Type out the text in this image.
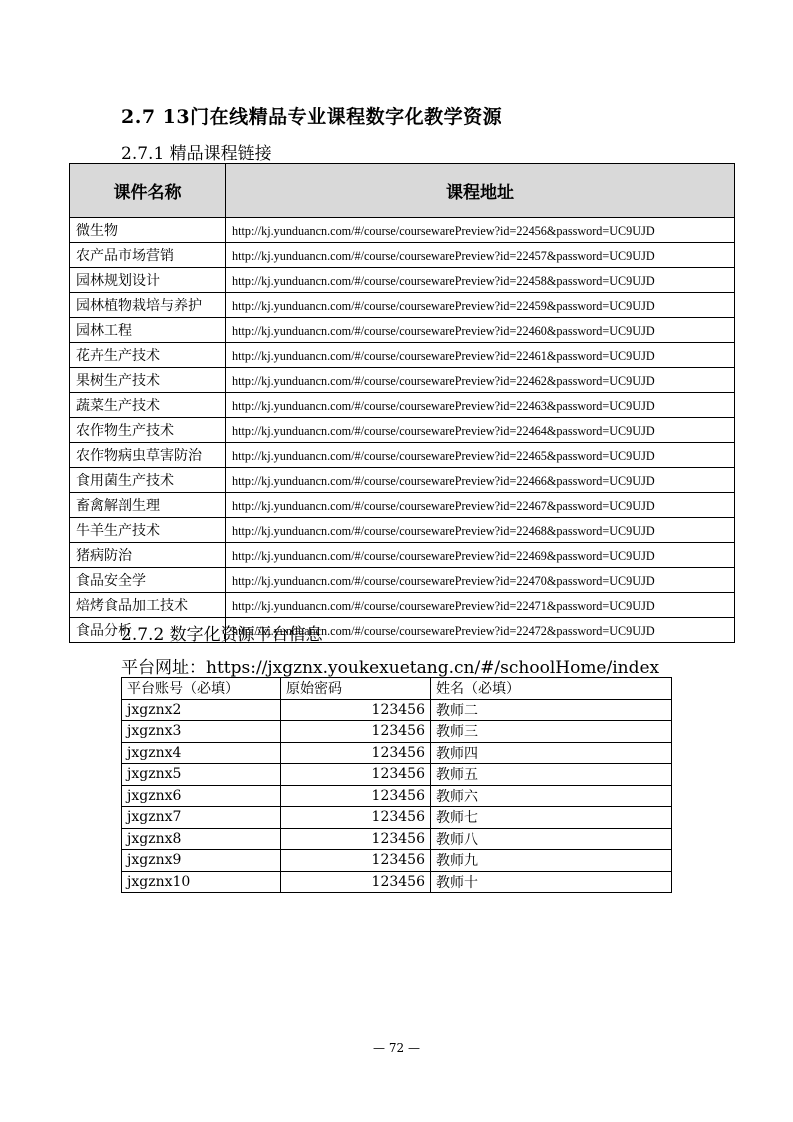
2.7 13门在线精品专业课程数字化教学资源
2.7.1 精品课程链接
课件名称	课程地址
微生物	http://kj.yunduancn.com/#/course/coursewarePreview?id=22456&password=UC9UJD
农产品市场营销	http://kj.yunduancn.com/#/course/coursewarePreview?id=22457&password=UC9UJD
园林规划设计	http://kj.yunduancn.com/#/course/coursewarePreview?id=22458&password=UC9UJD
园林植物栽培与养护	http://kj.yunduancn.com/#/course/coursewarePreview?id=22459&password=UC9UJD
园林工程	http://kj.yunduancn.com/#/course/coursewarePreview?id=22460&password=UC9UJD
花卉生产技术	http://kj.yunduancn.com/#/course/coursewarePreview?id=22461&password=UC9UJD
果树生产技术	http://kj.yunduancn.com/#/course/coursewarePreview?id=22462&password=UC9UJD
蔬菜生产技术	http://kj.yunduancn.com/#/course/coursewarePreview?id=22463&password=UC9UJD
农作物生产技术	http://kj.yunduancn.com/#/course/coursewarePreview?id=22464&password=UC9UJD
农作物病虫草害防治	http://kj.yunduancn.com/#/course/coursewarePreview?id=22465&password=UC9UJD
食用菌生产技术	http://kj.yunduancn.com/#/course/coursewarePreview?id=22466&password=UC9UJD
畜禽解剖生理	http://kj.yunduancn.com/#/course/coursewarePreview?id=22467&password=UC9UJD
牛羊生产技术	http://kj.yunduancn.com/#/course/coursewarePreview?id=22468&password=UC9UJD
猪病防治	http://kj.yunduancn.com/#/course/coursewarePreview?id=22469&password=UC9UJD
食品安全学	http://kj.yunduancn.com/#/course/coursewarePreview?id=22470&password=UC9UJD
焙烤食品加工技术	http://kj.yunduancn.com/#/course/coursewarePreview?id=22471&password=UC9UJD
食品分析	http://kj.yunduancn.com/#/course/coursewarePreview?id=22472&password=UC9UJD
2.7.2 数字化资源平台信息
平台网址：https://jxgznx.youkexuetang.cn/#/schoolHome/index
平台账号（必填）	原始密码	姓名（必填）
jxgznx2	123456	教师二
jxgznx3	123456	教师三
jxgznx4	123456	教师四
jxgznx5	123456	教师五
jxgznx6	123456	教师六
jxgznx7	123456	教师七
jxgznx8	123456	教师八
jxgznx9	123456	教师九
jxgznx10	123456	教师十
— 72 —
